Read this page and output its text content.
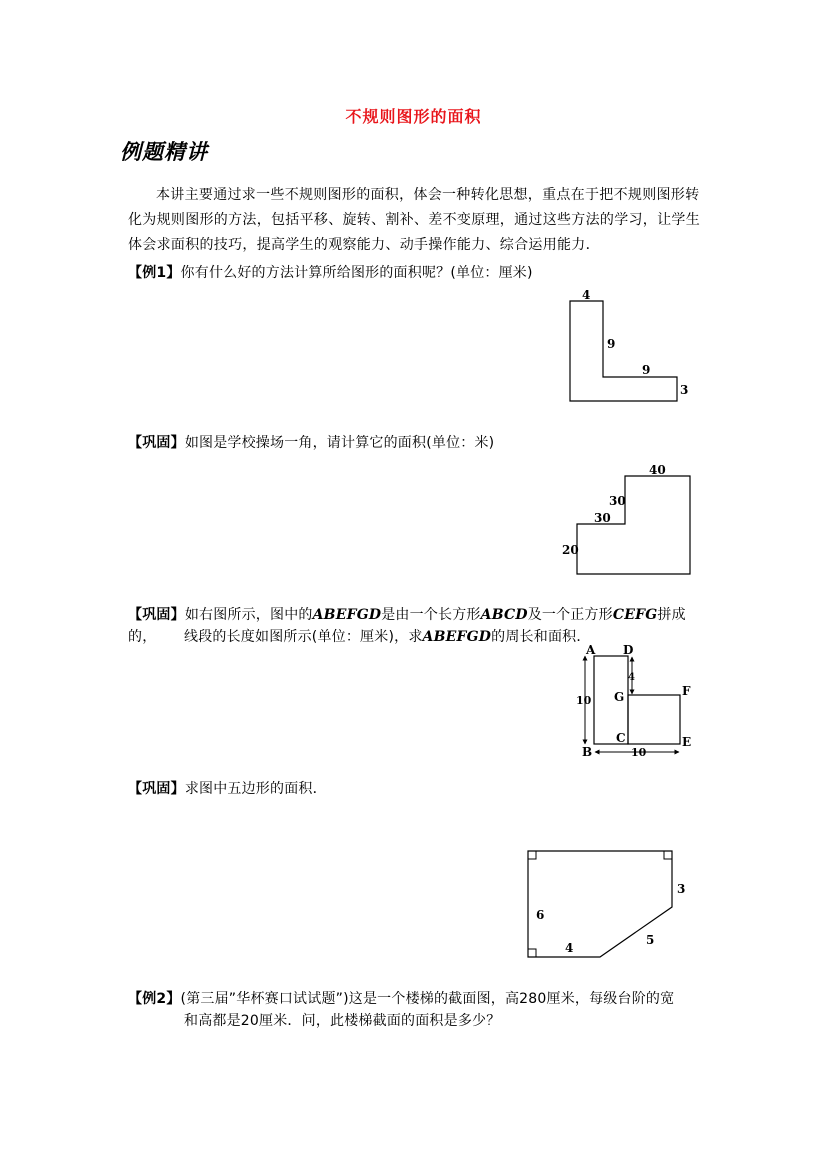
不规则图形的面积
例题精讲
本讲主要通过求一些不规则图形的面积，体会一种转化思想，重点在于把不规则图形转化为规则图形的方法，包括平移、旋转、割补、差不变原理，通过这些方法的学习，让学生体会求面积的技巧，提高学生的观察能力、动手操作能力、综合运用能力．
【例1】你有什么好的方法计算所给图形的面积呢？(单位：厘米)
4
9
9
3
【巩固】如图是学校操场一角，请计算它的面积(单位：米)
40
30
30
20
【巩固】如右图所示，图中的ABEFGD是由一个长方形ABCD及一个正方形CEFG拼成的，	线段的长度如图所示(单位：厘米)，求ABEFGD的周长和面积．
A D
G	F
C	E
B
4
10
10
【巩固】求图中五边形的面积．
3
6
4
5
【例2】(第三届”华杯赛口试试题”)这是一个楼梯的截面图，高280厘米，每级台阶的宽
和高都是20厘米．问，此楼梯截面的面积是多少？
